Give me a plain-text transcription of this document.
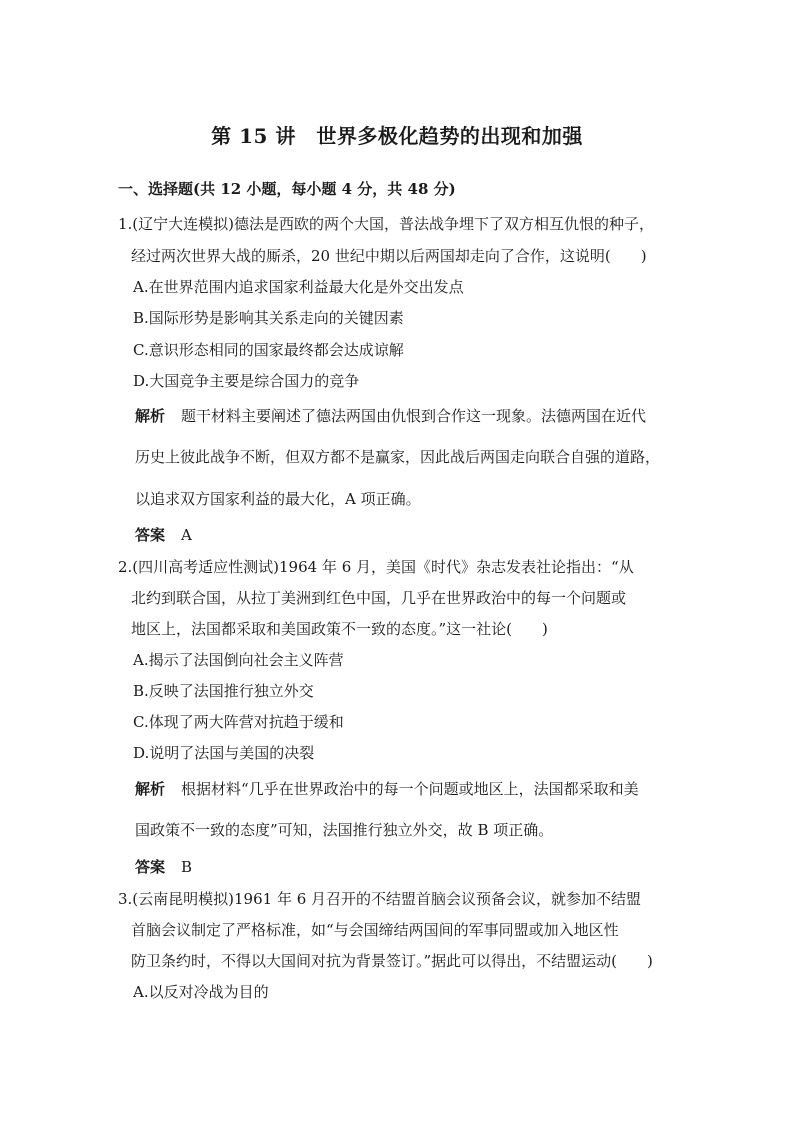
第 15 讲　世界多极化趋势的出现和加强
一、选择题(共 12 小题，每小题 4 分，共 48 分)
1.(辽宁大连模拟)德法是西欧的两个大国，普法战争埋下了双方相互仇恨的种子，
经过两次世界大战的厮杀，20 世纪中期以后两国却走向了合作，这说明(　　)
A.在世界范围内追求国家利益最大化是外交出发点
B.国际形势是影响其关系走向的关键因素
C.意识形态相同的国家最终都会达成谅解
D.大国竞争主要是综合国力的竞争
解析 题干材料主要阐述了德法两国由仇恨到合作这一现象。法德两国在近代
历史上彼此战争不断，但双方都不是赢家，因此战后两国走向联合自强的道路，
以追求双方国家利益的最大化，A 项正确。
答案 A
2.(四川高考适应性测试)1964 年 6 月，美国《时代》杂志发表社论指出：“从
北约到联合国，从拉丁美洲到红色中国，几乎在世界政治中的每一个问题或
地区上，法国都采取和美国政策不一致的态度。”这一社论(　　)
A.揭示了法国倒向社会主义阵营
B.反映了法国推行独立外交
C.体现了两大阵营对抗趋于缓和
D.说明了法国与美国的决裂
解析 根据材料“几乎在世界政治中的每一个问题或地区上，法国都采取和美
国政策不一致的态度”可知，法国推行独立外交，故 B 项正确。
答案 B
3.(云南昆明模拟)1961 年 6 月召开的不结盟首脑会议预备会议，就参加不结盟
首脑会议制定了严格标准，如“与会国缔结两国间的军事同盟或加入地区性
防卫条约时，不得以大国间对抗为背景签订。”据此可以得出，不结盟运动(　　)
A.以反对冷战为目的
